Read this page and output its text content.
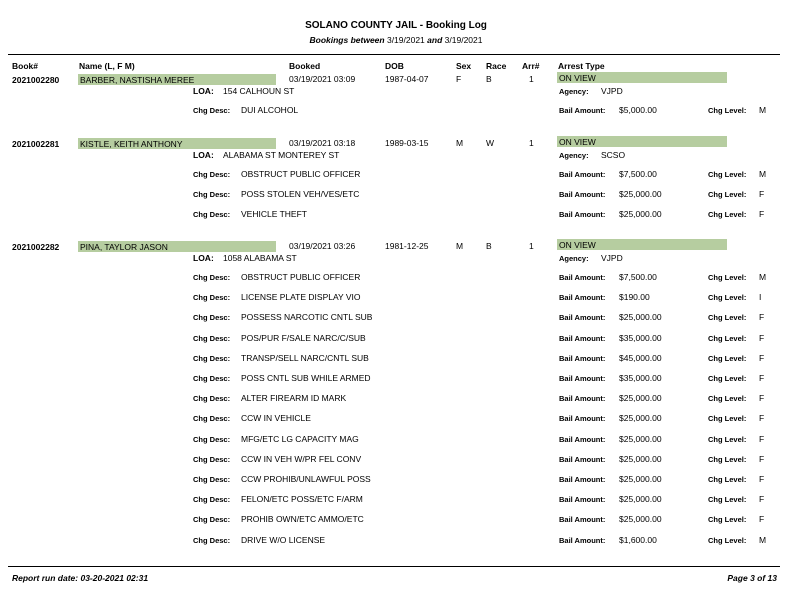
SOLANO COUNTY JAIL - Booking Log
Bookings between 3/19/2021 and 3/19/2021
Book#	Name (L, F M)	Booked	DOB	Sex Race Arr# Arrest Type
2021002280 BARBER, NASTISHA MEREE	03/19/2021 03:09	1987-04-07	F	B	1	ON VIEW
LOA: 154 CALHOUN ST	Agency: VJPD
Chg Desc: DUI ALCOHOL	Bail Amount: $5,000.00	Chg Level: M
2021002281 KISTLE, KEITH ANTHONY	03/19/2021 03:18	1989-03-15	M	W	1	ON VIEW
LOA: ALABAMA ST MONTEREY ST	Agency: SCSO
Chg Desc: OBSTRUCT PUBLIC OFFICER	Bail Amount: $7,500.00	Chg Level: M
Chg Desc: POSS STOLEN VEH/VES/ETC	Bail Amount: $25,000.00	Chg Level: F
Chg Desc: VEHICLE THEFT	Bail Amount: $25,000.00	Chg Level: F
2021002282 PINA, TAYLOR JASON	03/19/2021 03:26	1981-12-25	M	B	1	ON VIEW
LOA: 1058 ALABAMA ST	Agency: VJPD
Chg Desc: OBSTRUCT PUBLIC OFFICER	Bail Amount: $7,500.00	Chg Level: M
Chg Desc: LICENSE PLATE DISPLAY VIO	Bail Amount: $190.00	Chg Level: I
Chg Desc: POSSESS NARCOTIC CNTL SUB	Bail Amount: $25,000.00	Chg Level: F
Chg Desc: POS/PUR F/SALE NARC/C/SUB	Bail Amount: $35,000.00	Chg Level: F
Chg Desc: TRANSP/SELL NARC/CNTL SUB	Bail Amount: $45,000.00	Chg Level: F
Chg Desc: POSS CNTL SUB WHILE ARMED	Bail Amount: $35,000.00	Chg Level: F
Chg Desc: ALTER FIREARM ID MARK	Bail Amount: $25,000.00	Chg Level: F
Chg Desc: CCW IN VEHICLE	Bail Amount: $25,000.00	Chg Level: F
Chg Desc: MFG/ETC LG CAPACITY MAG	Bail Amount: $25,000.00	Chg Level: F
Chg Desc: CCW IN VEH W/PR FEL CONV	Bail Amount: $25,000.00	Chg Level: F
Chg Desc: CCW PROHIB/UNLAWFUL POSS	Bail Amount: $25,000.00	Chg Level: F
Chg Desc: FELON/ETC POSS/ETC F/ARM	Bail Amount: $25,000.00	Chg Level: F
Chg Desc: PROHIB OWN/ETC AMMO/ETC	Bail Amount: $25,000.00	Chg Level: F
Chg Desc: DRIVE W/O LICENSE	Bail Amount: $1,600.00	Chg Level: M
Report run date: 03-20-2021 02:31	Page 3 of 13
